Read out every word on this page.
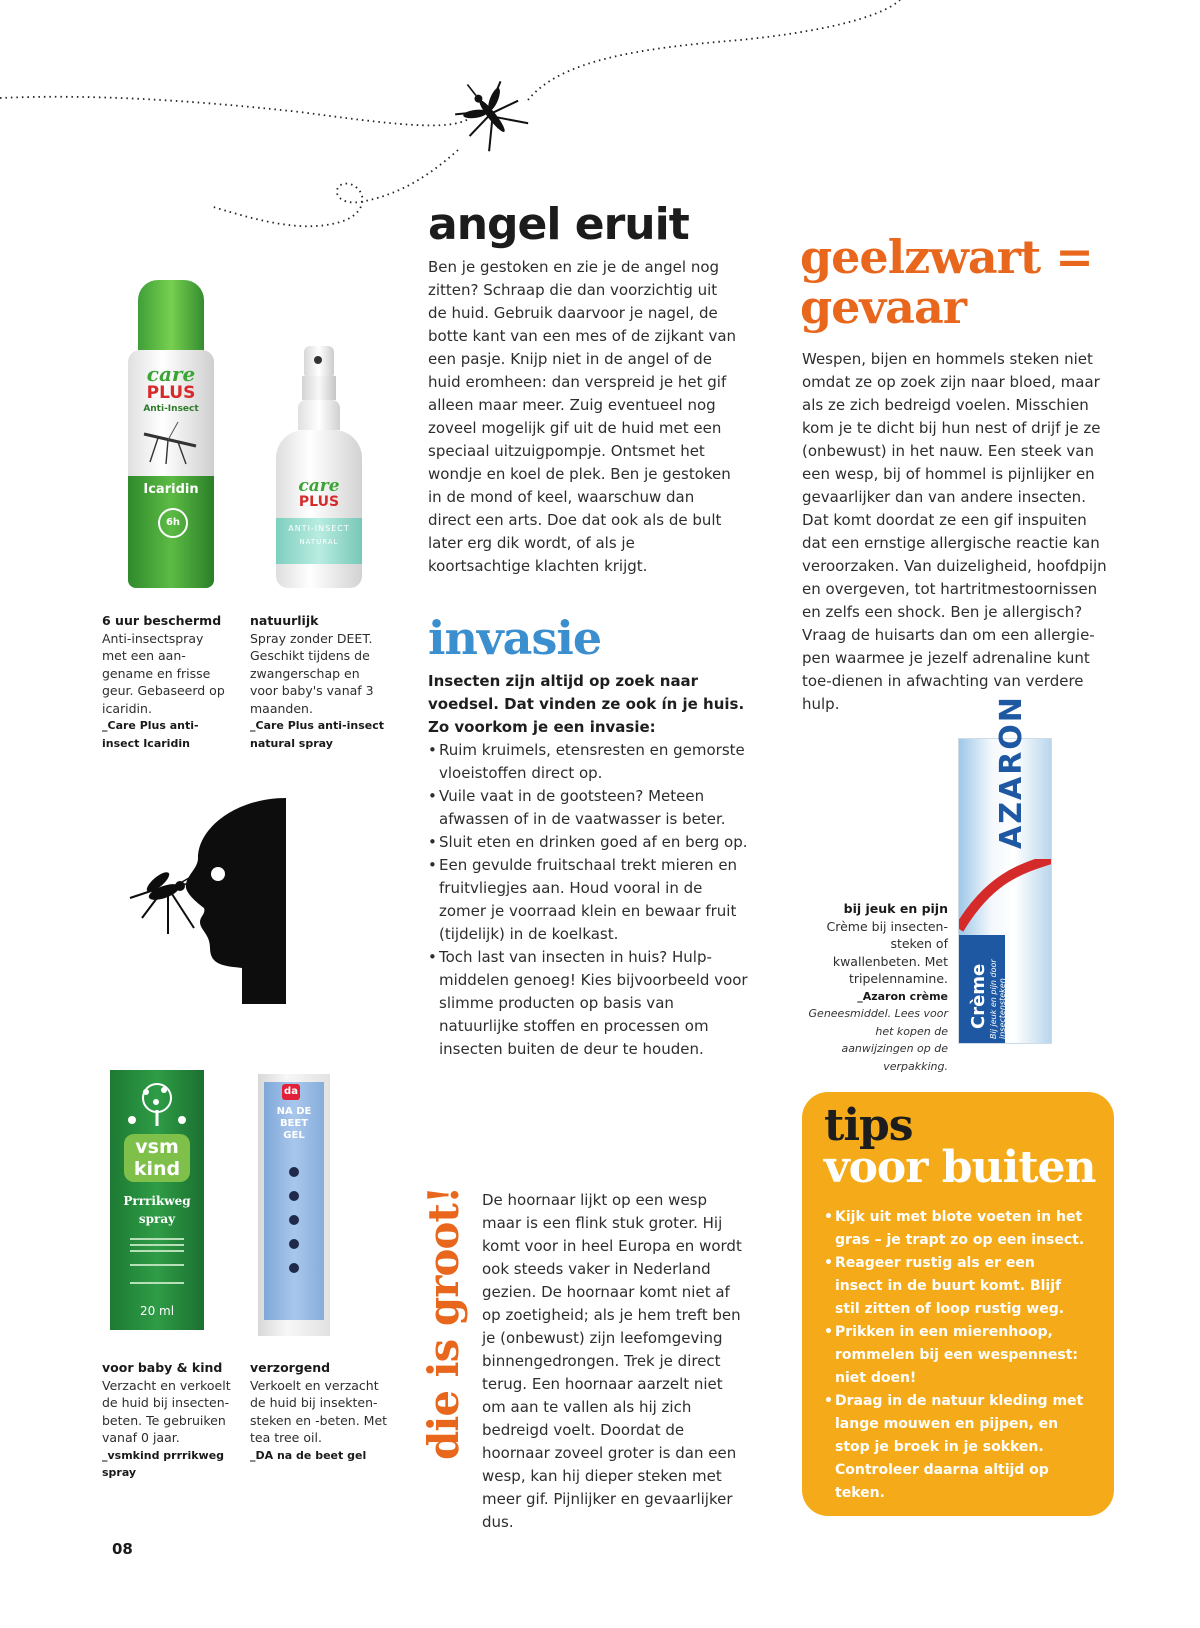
angel eruit
Ben je gestoken en zie je de angel nog zitten? Schraap die dan voorzichtig uit de huid. Gebruik daarvoor je nagel, de botte kant van een mes of de zijkant van een pasje. Knijp niet in de angel of de huid eromheen: dan verspreid je het gif alleen maar meer. Zuig eventueel nog zoveel mogelijk gif uit de huid met een speciaal uitzuigpompje. Ontsmet het wondje en koel de plek. Ben je gestoken in de mond of keel, waarschuw dan direct een arts. Doe dat ook als de bult later erg dik wordt, of als je koortsachtige klachten krijgt.
geelzwart =
gevaar
Wespen, bijen en hommels steken niet omdat ze op zoek zijn naar bloed, maar als ze zich bedreigd voelen. Misschien kom je te dicht bij hun nest of drijf je ze (onbewust) in het nauw. Een steek van een wesp, bij of hommel is pijnlijker en gevaarlijker dan van andere insecten. Dat komt doordat ze een gif inspuiten dat een ernstige allergische reactie kan veroorzaken. Van duizeligheid, hoofdpijn en overgeven, tot hartritmestoornissen en zelfs een shock. Ben je allergisch? Vraag de huisarts dan om een allergie-pen waarmee je jezelf adrenaline kunt toe-dienen in afwachting van verdere hulp.
invasie
Insecten zijn altijd op zoek naar voedsel. Dat vinden ze ook ín je huis. Zo voorkom je een invasie:
• Ruim kruimels, etensresten en gemorste vloeistoffen direct op.
• Vuile vaat in de gootsteen? Meteen afwassen of in de vaatwasser is beter.
• Sluit eten en drinken goed af en berg op.
• Een gevulde fruitschaal trekt mieren en fruitvliegjes aan. Houd vooral in de zomer je voorraad klein en bewaar fruit (tijdelijk) in de koelkast.
• Toch last van insecten in huis? Hulp-middelen genoeg! Kies bijvoorbeeld voor slimme producten op basis van natuurlijke stoffen en processen om insecten buiten de deur te houden.
die is groot! De hoornaar lijkt op een wesp maar is een flink stuk groter. Hij komt voor in heel Europa en wordt ook steeds vaker in Nederland gezien. De hoornaar komt niet af op zoetigheid; als je hem treft ben je (onbewust) zijn leefomgeving binnengedrongen. Trek je direct terug. Een hoornaar aarzelt niet om aan te vallen als hij zich bedreigd voelt. Doordat de hoornaar zoveel groter is dan een wesp, kan hij dieper steken met meer gif. Pijnlijker en gevaarlijker dus.
tips
voor buiten
• Kijk uit met blote voeten in het gras – je trapt zo op een insect.
• Reageer rustig als er een insect in de buurt komt. Blijf stil zitten of loop rustig weg.
• Prikken in een mierenhoop, rommelen bij een wespennest: niet doen!
• Draag in de natuur kleding met lange mouwen en pijpen, en stop je broek in je sokken. Controleer daarna altijd op teken.
care
PLUS
Anti-Insect
Icaridin
6h
6 uur beschermd
Anti-insectspray met een aan-gename en frisse geur. Gebaseerd op icaridin.
_Care Plus anti-insect Icaridin
care
PLUS
ANTI-INSECT
NATURAL
natuurlijk
Spray zonder DEET. Geschikt tijdens de zwangerschap en voor baby's vanaf 3 maanden.
_Care Plus anti-insect natural spray	AZARON
Crème Bij jeuk en pijn door insectensteken
bij jeuk en pijn
Crème bij insecten-steken of kwallenbeten. Met tripelennamine.
_Azaron crème
Geneesmiddel. Lees voor het kopen de aanwijzingen op de verpakking.
vsm
kind
Prrrikweg
spray
20 ml
voor baby & kind
Verzacht en verkoelt de huid bij insecten-beten. Te gebruiken vanaf 0 jaar.
_vsmkind prrrikweg spray
da
NA DE
BEET
GEL
verzorgend
Verkoelt en verzacht de huid bij insekten-steken en -beten. Met tea tree oil.
_DA na de beet gel
08
